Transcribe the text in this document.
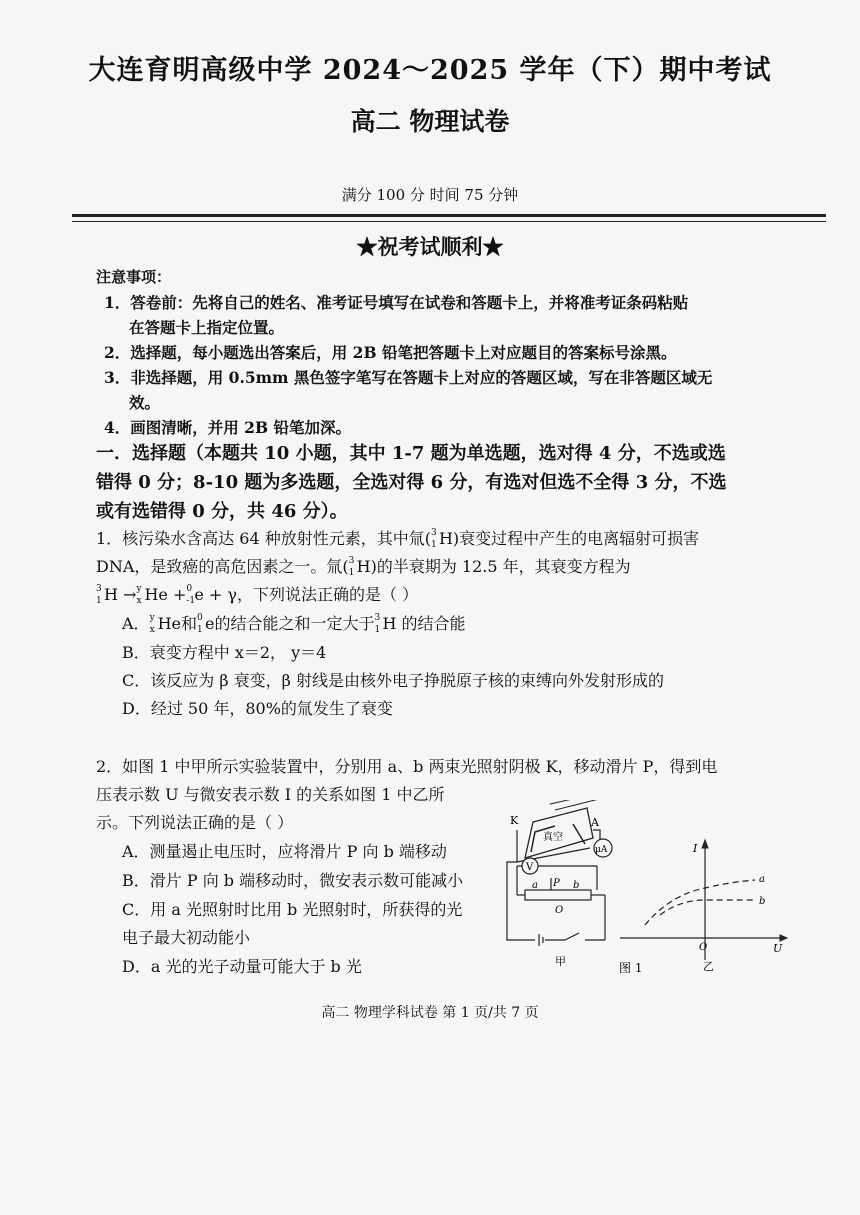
大连育明高级中学 2024～2025 学年（下）期中考试
高二 物理试卷
满分 100 分 时间 75 分钟
★祝考试顺利★
注意事项：
1．答卷前：先将自己的姓名、准考证号填写在试卷和答题卡上，并将准考证条码粘贴
在答题卡上指定位置。
2．选择题，每小题选出答案后，用 2B 铅笔把答题卡上对应题目的答案标号涂黑。
3．非选择题，用 0.5mm 黑色签字笔写在答题卡上对应的答题区域，写在非答题区域无
效。
4．画图清晰，并用 2B 铅笔加深。
一．选择题（本题共 10 小题，其中 1-7 题为单选题，选对得 4 分，不选或选
错得 0 分；8-10 题为多选题，全选对得 6 分，有选对但选不全得 3 分，不选
或有选错得 0 分，共 46 分）。
1．核污染水含高达 64 种放射性元素，其中氚( 3
1 H)衰变过程中产生的电离辐射可损害
DNA，是致癌的高危因素之一。氚( 3
1 H)的半衰期为 12.5 年，其衰变方程为
3
1 H → y
x He + 0
-1 e + γ，下列说法正确的是（ ）
A． y
x He和 0
1 e的结合能之和一定大于 3
1 H 的结合能
B．衰变方程中 x＝2， y＝4
C．该反应为 β 衰变，β 射线是由核外电子挣脱原子核的束缚向外发射形成的
D．经过 50 年，80%的氚发生了衰变
2．如图 1 中甲所示实验装置中，分别用 a、b 两束光照射阴极 K，移动滑片 P，得到电
压表示数 U 与微安表示数 I 的关系如图 1 中乙所
示。下列说法正确的是（ ）
A．测量遏止电压时，应将滑片 P 向 b 端移动
B．滑片 P 向 b 端移动时，微安表示数可能减小
C．用 a 光照射时比用 b 光照射时，所获得的光
电子最大初动能小
D．a 光的光子动量可能大于 b 光
K	A
真空
V
μA
a P b
O
甲
I
U
O
a
b
乙
图 1
高二 物理学科试卷 第 1 页/共 7 页
